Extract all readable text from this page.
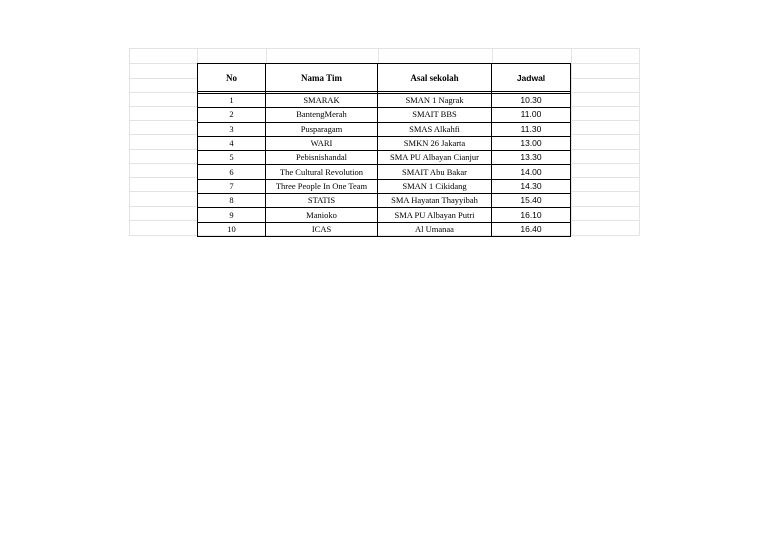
No	Nama Tim	Asal sekolah	Jadwal

1	SMARAK	SMAN 1 Nagrak	10.30
2	BantengMerah	SMAIT BBS	11.00
3	Pusparagam	SMAS Alkahfi	11.30
4	WARI	SMKN 26 Jakarta	13.00
5	Pebisnishandal	SMA PU Albayan Cianjur	13.30
6	The Cultural Revolution	SMAIT Abu Bakar	14.00
7	Three People In One Team	SMAN 1 Cikidang	14.30
8	STATIS	SMA Hayatan Thayyibah	15.40
9	Manioko	SMA PU Albayan Putri	16.10
10	ICAS	Al Umanaa	16.40
